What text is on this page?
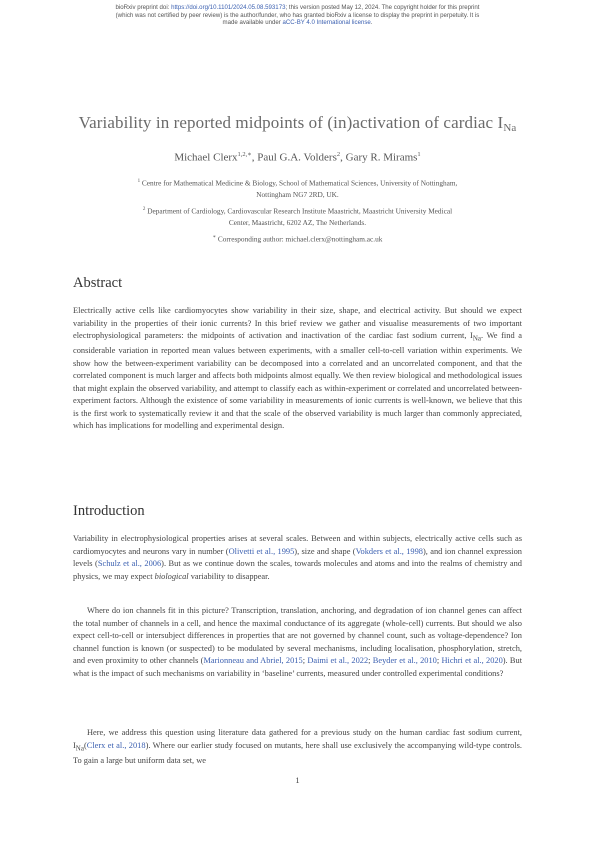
bioRxiv preprint doi: https://doi.org/10.1101/2024.05.08.593173; this version posted May 12, 2024. The copyright holder for this preprint
(which was not certified by peer review) is the author/funder, who has granted bioRxiv a license to display the preprint in perpetuity. It is
made available under aCC-BY 4.0 International license.
Variability in reported midpoints of (in)activation of cardiac $I_{Na}$
Michael Clerx$^{1,2,∗}$, Paul G.A. Volders$^2$, Gary R. Mirams$^1$
$^1$ Centre for Mathematical Medicine & Biology, School of Mathematical Sciences, University of Nottingham,
Nottingham NG7 2RD, UK.
$^2$ Department of Cardiology, Cardiovascular Research Institute Maastricht, Maastricht University Medical
Center, Maastricht, 6202 AZ, The Netherlands.
∗ Corresponding author: michael.clerx@nottingham.ac.uk
Abstract

Electrically active cells like cardiomyocytes show variability in their size, shape, and electrical activity. But should we expect variability in the properties of their ionic currents? In this brief review we gather and visualise measurements of two important electrophysiological parameters: the midpoints of activation and inactivation of the cardiac fast sodium current, $I_{Na}$. We find a considerable variation in reported mean values between experiments, with a smaller cell-to-cell variation within experiments. We show how the between-experiment variability can be decomposed into a correlated and an uncorrelated component, and that the correlated component is much larger and affects both midpoints almost equally. We then review biological and methodological issues that might explain the observed variability, and attempt to classify each as within-experiment or correlated and uncorrelated between-experiment factors. Although the existence of some variability in measurements of ionic currents is well-known, we believe that this is the first work to systematically review it and that the scale of the observed variability is much larger than commonly appreciated, which has implications for modelling and experimental design.

Introduction

Variability in electrophysiological properties arises at several scales. Between and within subjects, electrically active cells such as cardiomyocytes and neurons vary in number (Olivetti et al., 1995), size and shape (Vokders et al., 1998), and ion channel expression levels (Schulz et al., 2006). But as we continue down the scales, towards molecules and atoms and into the realms of chemistry and physics, we may expect biological variability to disappear.

Where do ion channels fit in this picture? Transcription, translation, anchoring, and degradation of ion channel genes can affect the total number of channels in a cell, and hence the maximal conductance of its aggregate (whole-cell) currents. But should we also expect cell-to-cell or intersubject differences in properties that are not governed by channel count, such as voltage-dependence? Ion channel function is known (or suspected) to be modulated by several mechanisms, including localisation, phosphorylation, stretch, and even proximity to other channels (Marionneau and Abriel, 2015; Daimi et al., 2022; Beyder et al., 2010; Hichri et al., 2020). But what is the impact of such mechanisms on variability in ‘baseline’ currents, measured under controlled experimental conditions?

Here, we address this question using literature data gathered for a previous study on the human cardiac fast sodium current, $I_{Na}(Clerx$ et al., 2018). Where our earlier study focused on mutants, here shall use exclusively the accompanying wild-type controls. To gain a large but uniform data set, we

1
